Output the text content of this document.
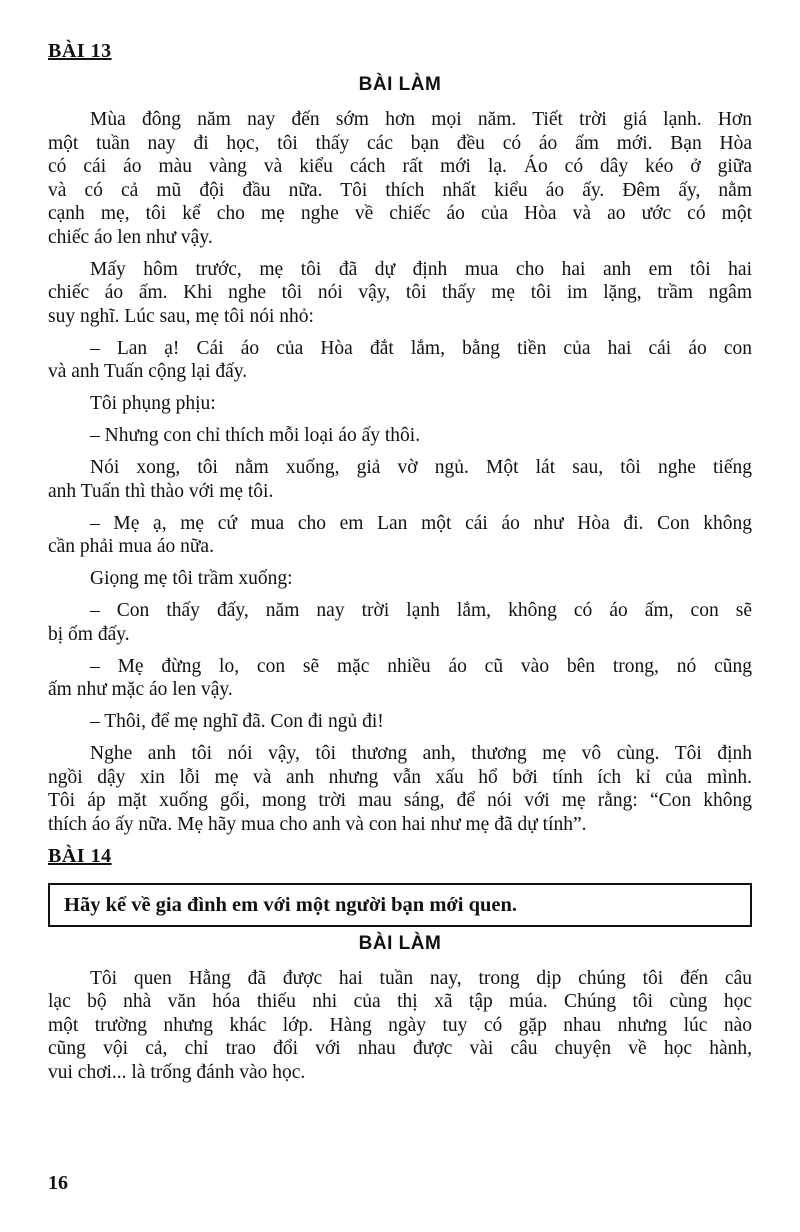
BÀI 13
BÀI LÀM
Mùa đông năm nay đến sớm hơn mọi năm. Tiết trời giá lạnh. Hơn
một tuần nay đi học, tôi thấy các bạn đều có áo ấm mới. Bạn Hòa
có cái áo màu vàng và kiểu cách rất mới lạ. Áo có dây kéo ở giữa
và có cả mũ đội đầu nữa. Tôi thích nhất kiểu áo ấy. Đêm ấy, nằm
cạnh mẹ, tôi kể cho mẹ nghe về chiếc áo của Hòa và ao ước có một
chiếc áo len như vậy.
Mấy hôm trước, mẹ tôi đã dự định mua cho hai anh em tôi hai
chiếc áo ấm. Khi nghe tôi nói vậy, tôi thấy mẹ tôi im lặng, trầm ngâm
suy nghĩ. Lúc sau, mẹ tôi nói nhỏ:
– Lan ạ! Cái áo của Hòa đắt lắm, bằng tiền của hai cái áo con
và anh Tuấn cộng lại đấy.
Tôi phụng phịu:
– Nhưng con chỉ thích mỗi loại áo ấy thôi.
Nói xong, tôi nằm xuống, giả vờ ngủ. Một lát sau, tôi nghe tiếng
anh Tuấn thì thào với mẹ tôi.
– Mẹ ạ, mẹ cứ mua cho em Lan một cái áo như Hòa đi. Con không
cần phải mua áo nữa.
Giọng mẹ tôi trầm xuống:
– Con thấy đấy, năm nay trời lạnh lắm, không có áo ấm, con sẽ
bị ốm đấy.
– Mẹ đừng lo, con sẽ mặc nhiều áo cũ vào bên trong, nó cũng
ấm như mặc áo len vậy.
– Thôi, để mẹ nghĩ đã. Con đi ngủ đi!
Nghe anh tôi nói vậy, tôi thương anh, thương mẹ vô cùng. Tôi định
ngồi dậy xin lỗi mẹ và anh nhưng vẫn xấu hổ bởi tính ích kỉ của mình.
Tôi áp mặt xuống gối, mong trời mau sáng, để nói với mẹ rằng: “Con không
thích áo ấy nữa. Mẹ hãy mua cho anh và con hai như mẹ đã dự tính”.
BÀI 14
Hãy kể về gia đình em với một người bạn mới quen.
BÀI LÀM
Tôi quen Hằng đã được hai tuần nay, trong dịp chúng tôi đến câu
lạc bộ nhà văn hóa thiếu nhi của thị xã tập múa. Chúng tôi cùng học
một trường nhưng khác lớp. Hàng ngày tuy có gặp nhau nhưng lúc nào
cũng vội cả, chỉ trao đổi với nhau được vài câu chuyện về học hành,
vui chơi... là trống đánh vào học.
16
